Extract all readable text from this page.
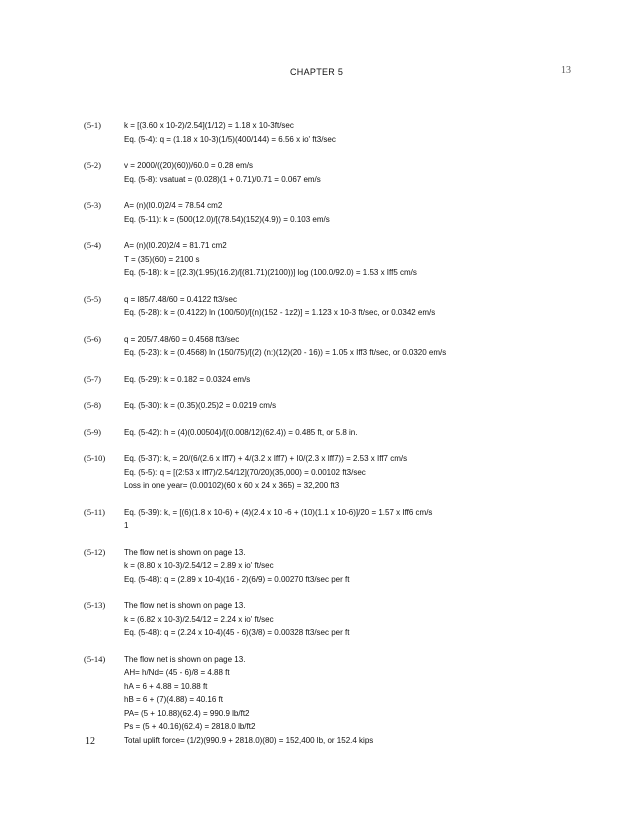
CHAPTER 5	13
(5-1)	k = [(3.60 x 10-2)/2.54](1/12) = 1.18 x 10-3ft/sec
Eq. (5-4): q = (1.18 x 10-3)(1/5)(400/144) = 6.56 x io' ft3/sec
(5-2)	v = 2000/((20)(60))/60.0 = 0.28 em/s
Eq. (5-8): vsatuat = (0.028)(1 + 0.71)/0.71 = 0.067 em/s
(5-3)	A= (n)(I0.0)2/4 = 78.54 cm2
Eq. (5-11): k = (500(12.0)/[(78.54)(152)(4.9)) = 0.103 em/s
(5-4)	A= (n)(I0.20)2/4 = 81.71 cm2
T = (35)(60) = 2100 s
Eq. (5-18): k = [(2.3)(1.95)(16.2)/[(81.71)(2100))] log (100.0/92.0) = 1.53 x Iff5 cm/s
(5-5)	q = I85/7.48/60 = 0.4122 ft3/sec
Eq. (5-28): k = (0.4122) ln (100/50)/[(n)(152 - 1z2)] = 1.123 x 10-3 ft/sec, or 0.0342 em/s
(5-6)	q = 205/7.48/60 = 0.4568 ft3/sec
Eq. (5-23): k = (0.4568) ln (150/75)/[(2) (n:)(12)(20 - 16)) = 1.05 x Iff3 ft/sec, or 0.0320 em/s
(5-7)	Eq. (5-29): k = 0.182 = 0.0324 em/s
(5-8)	Eq. (5-30): k = (0.35)(0.25)2 = 0.0219 cm/s
(5-9)	Eq. (5-42): h = (4)(0.00504)/[(0.008/12)(62.4)) = 0.485 ft, or 5.8 in.
(5-10)	Eq. (5-37): k, = 20/(6/(2.6 x Iff7) + 4/(3.2 x Iff7) + I0/(2.3 x Iff7)) = 2.53 x Iff7 cm/s
Eq. (5-5): q = [(2:53 x Iff7)/2.54/12](70/20)(35,000) = 0.00102 ft3/sec
Loss in one year= (0.00102)(60 x 60 x 24 x 365) = 32,200 ft3
(5-11)	Eq. (5-39): k, = [(6)(1.8 x 10-6) + (4)(2.4 x 10 -6 + (10)(1.1 x 10-6)]/20 = 1.57 x Iff6 cm/s
1
(5-12)	The flow net is shown on page 13.
k = (8.80 x 10-3)/2.54/12 = 2.89 x io' ft/sec
Eq. (5-48): q = (2.89 x 10-4)(16 - 2)(6/9) = 0.00270 ft3/sec per ft
(5-13)	The flow net is shown on page 13.
k = (6.82 x 10-3)/2.54/12 = 2.24 x io' ft/sec
Eq. (5-48): q = (2.24 x 10-4)(45 - 6)(3/8) = 0.00328 ft3/sec per ft
(5-14)	The flow net is shown on page 13.
AH= h/Nd= (45 - 6)/8 = 4.88 ft
hA = 6 + 4.88 = 10.88 ft
hB = 6 + (7)(4.88) = 40.16 ft
PA= (5 + 10.88)(62.4) = 990.9 lb/ft2
Ps = (5 + 40.16)(62.4) = 2818.0 lb/ft2
Total uplift force= (1/2)(990.9 + 2818.0)(80) = 152,400 lb, or 152.4 kips
12
